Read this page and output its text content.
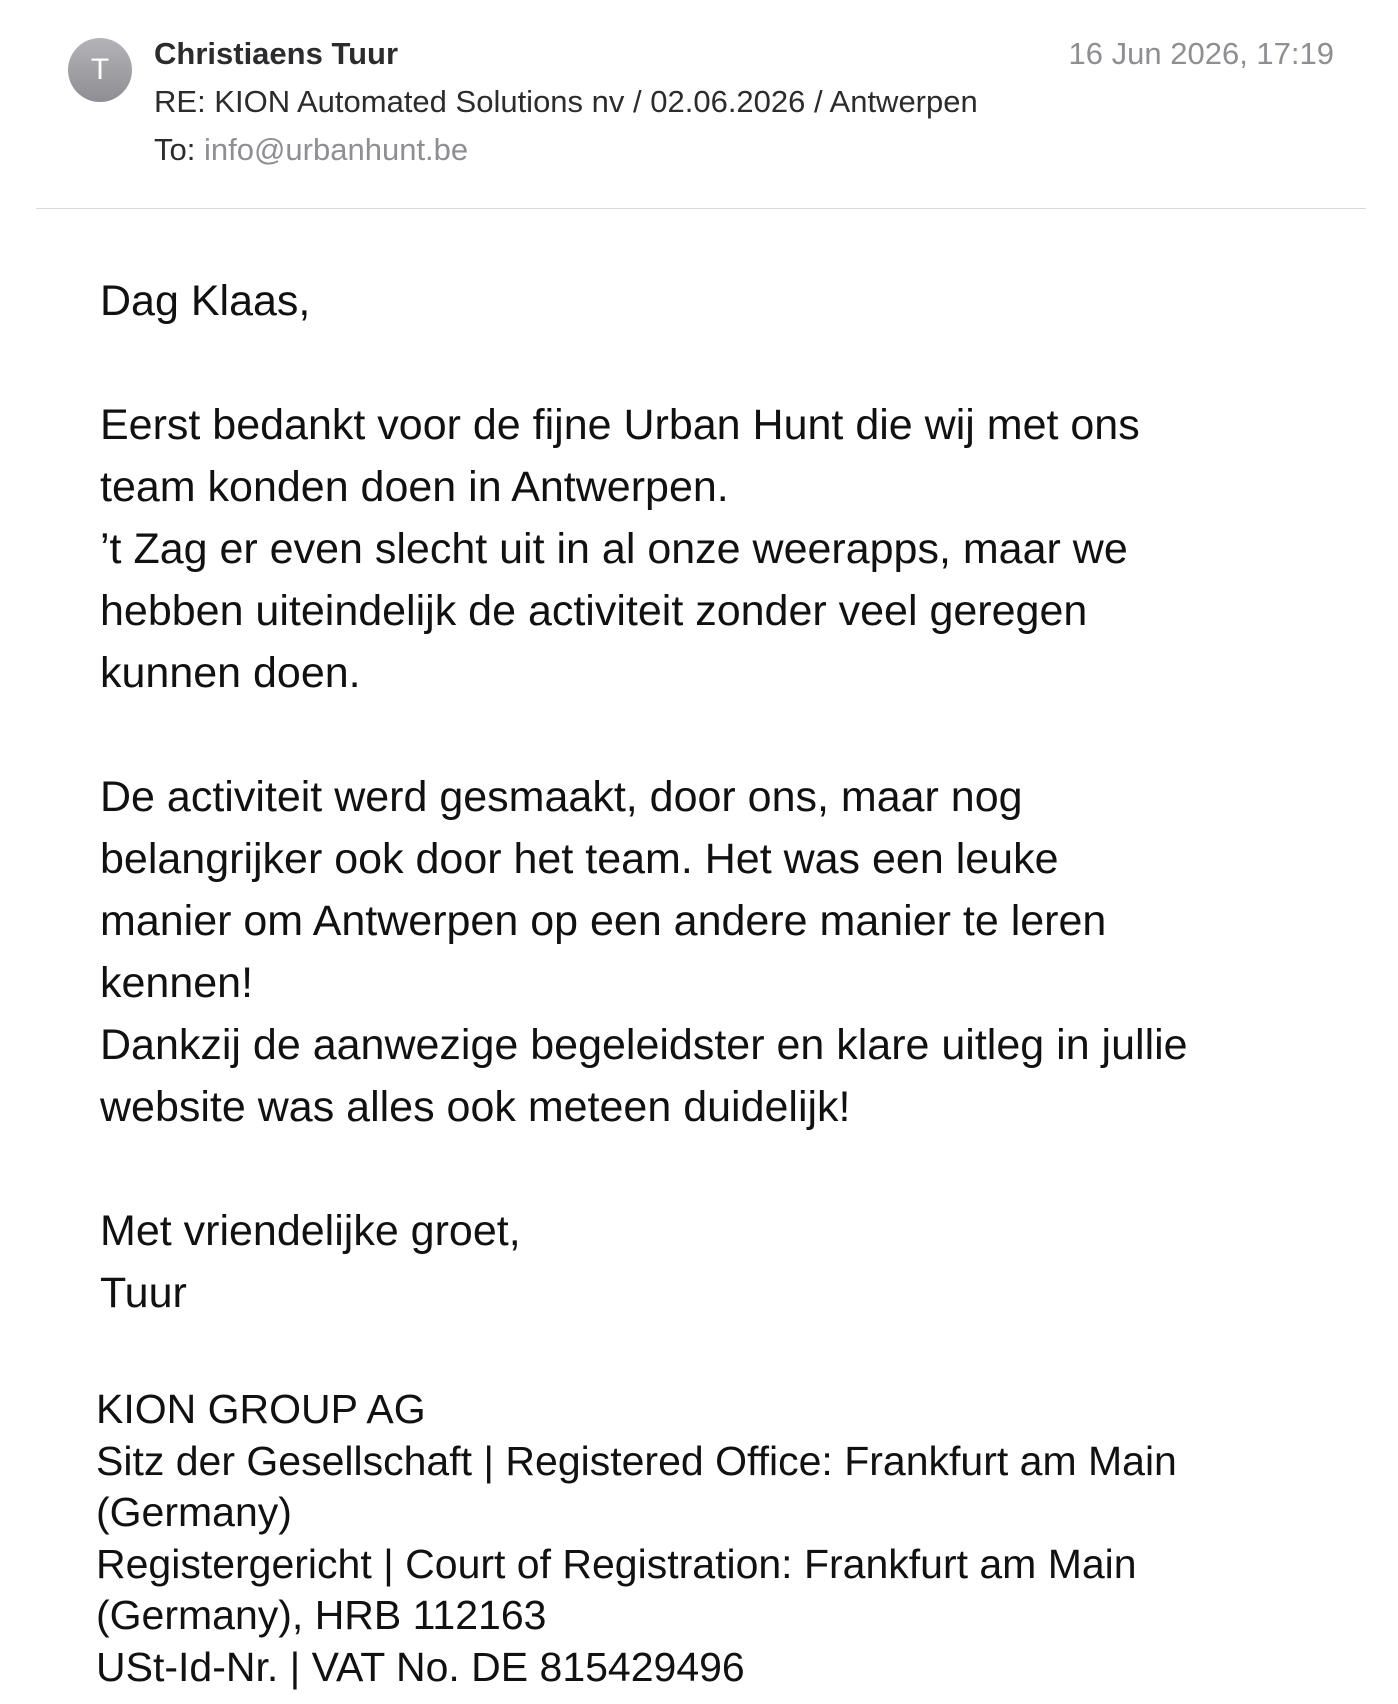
T Christiaens Tuur	16 Jun 2026, 17:19
RE: KION Automated Solutions nv / 02.06.2026 / Antwerpen
To: info@urbanhunt.be

Dag Klaas,

Eerst bedankt voor de fijne Urban Hunt die wij met ons

team konden doen in Antwerpen.

’t Zag er even slecht uit in al onze weerapps, maar we

hebben uiteindelijk de activiteit zonder veel geregen

kunnen doen.

De activiteit werd gesmaakt, door ons, maar nog

belangrijker ook door het team. Het was een leuke

manier om Antwerpen op een andere manier te leren

kennen!

Dankzij de aanwezige begeleidster en klare uitleg in jullie

website was alles ook meteen duidelijk!

Met vriendelijke groet,

Tuur

KION GROUP AG

Sitz der Gesellschaft | Registered Office: Frankfurt am Main

(Germany)

Registergericht | Court of Registration: Frankfurt am Main

(Germany), HRB 112163

USt-Id-Nr. | VAT No. DE 815429496
